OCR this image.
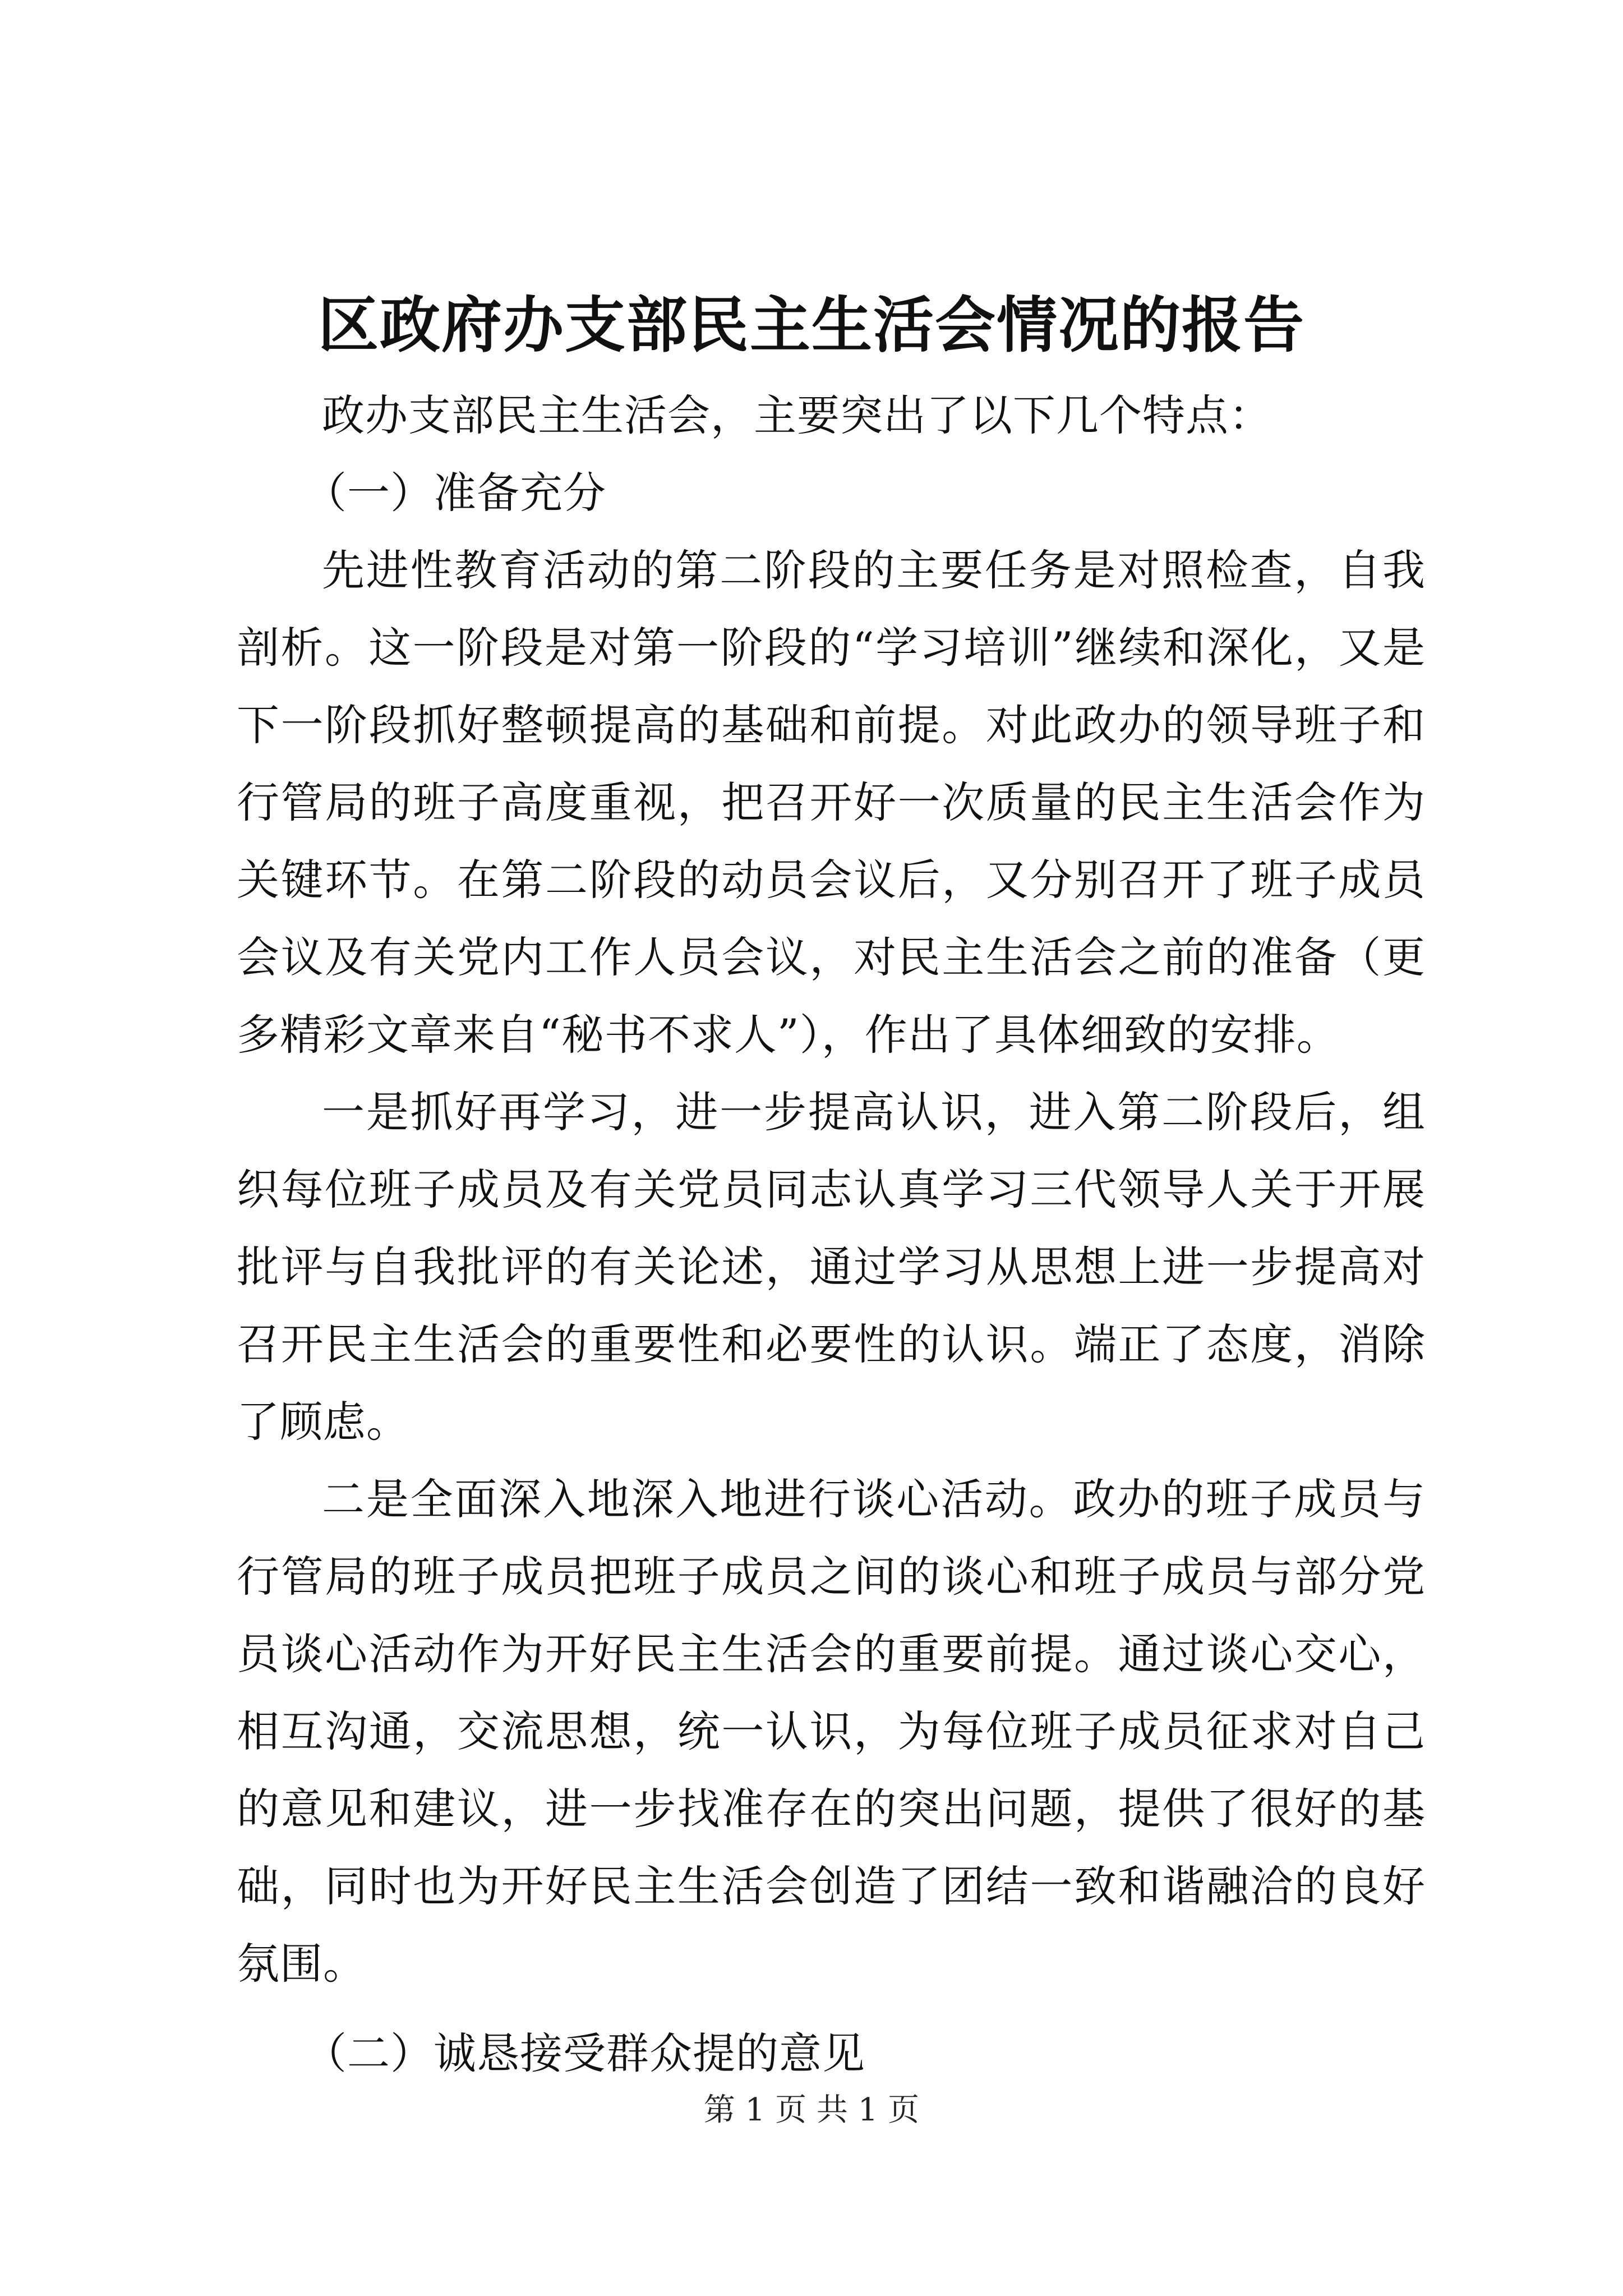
区政府办支部民主生活会情况的报告

政办支部民主生活会，主要突出了以下几个特点：

（一）准备充分

先进性教育活动的第二阶段的主要任务是对照检查，自我剖析。这一阶段是对第一阶段的“学习培训”继续和深化，又是下一阶段抓好整顿提高的基础和前提。对此政办的领导班子和行管局的班子高度重视，把召开好一次质量的民主生活会作为关键环节。在第二阶段的动员会议后，又分别召开了班子成员会议及有关党内工作人员会议，对民主生活会之前的准备（更多精彩文章来自“秘书不求人”），作出了具体细致的安排。

一是抓好再学习，进一步提高认识，进入第二阶段后，组织每位班子成员及有关党员同志认真学习三代领导人关于开展批评与自我批评的有关论述，通过学习从思想上进一步提高对召开民主生活会的重要性和必要性的认识。端正了态度，消除了顾虑。

二是全面深入地深入地进行谈心活动。政办的班子成员与行管局的班子成员把班子成员之间的谈心和班子成员与部分党员谈心活动作为开好民主生活会的重要前提。通过谈心交心，相互沟通，交流思想，统一认识，为每位班子成员征求对自己的意见和建议，进一步找准存在的突出问题，提供了很好的基础，同时也为开好民主生活会创造了团结一致和谐融洽的良好氛围。

（二）诚恳接受群众提的意见

第 1 页 共 1 页
